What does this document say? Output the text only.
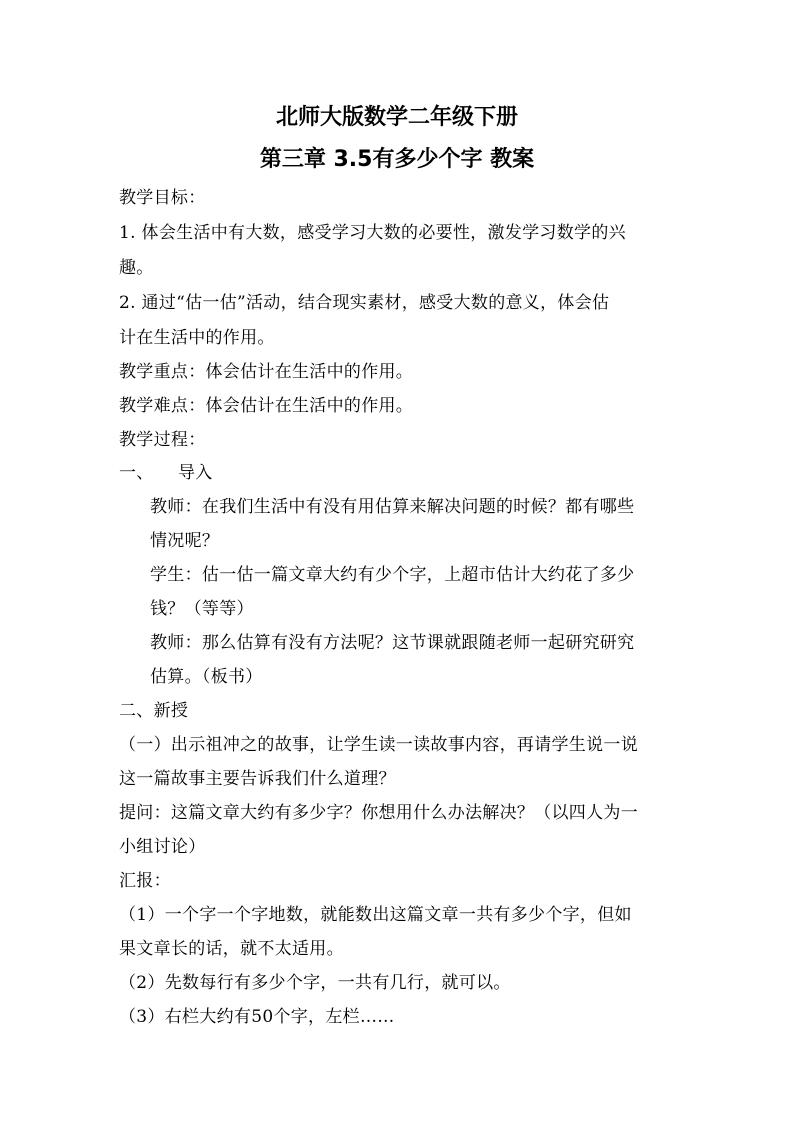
北师大版数学二年级下册
第三章 3.5有多少个字 教案
教学目标：
1. 体会生活中有大数，感受学习大数的必要性，激发学习数学的兴
趣。
2. 通过“估一估”活动，结合现实素材，感受大数的意义，体会估
计在生活中的作用。
教学重点：体会估计在生活中的作用。
教学难点：体会估计在生活中的作用。
教学过程：
一、 导入
教师：在我们生活中有没有用估算来解决问题的时候？都有哪些
情况呢？
学生：估一估一篇文章大约有少个字，上超市估计大约花了多少
钱？（等等）
教师：那么估算有没有方法呢？这节课就跟随老师一起研究研究
估算。（板书）
二、新授
（一）出示祖冲之的故事，让学生读一读故事内容，再请学生说一说
这一篇故事主要告诉我们什么道理？
提问：这篇文章大约有多少字？你想用什么办法解决？（以四人为一
小组讨论）
汇报：
（1）一个字一个字地数，就能数出这篇文章一共有多少个字，但如
果文章长的话，就不太适用。
（2）先数每行有多少个字，一共有几行，就可以。
（3）右栏大约有50个字，左栏……
